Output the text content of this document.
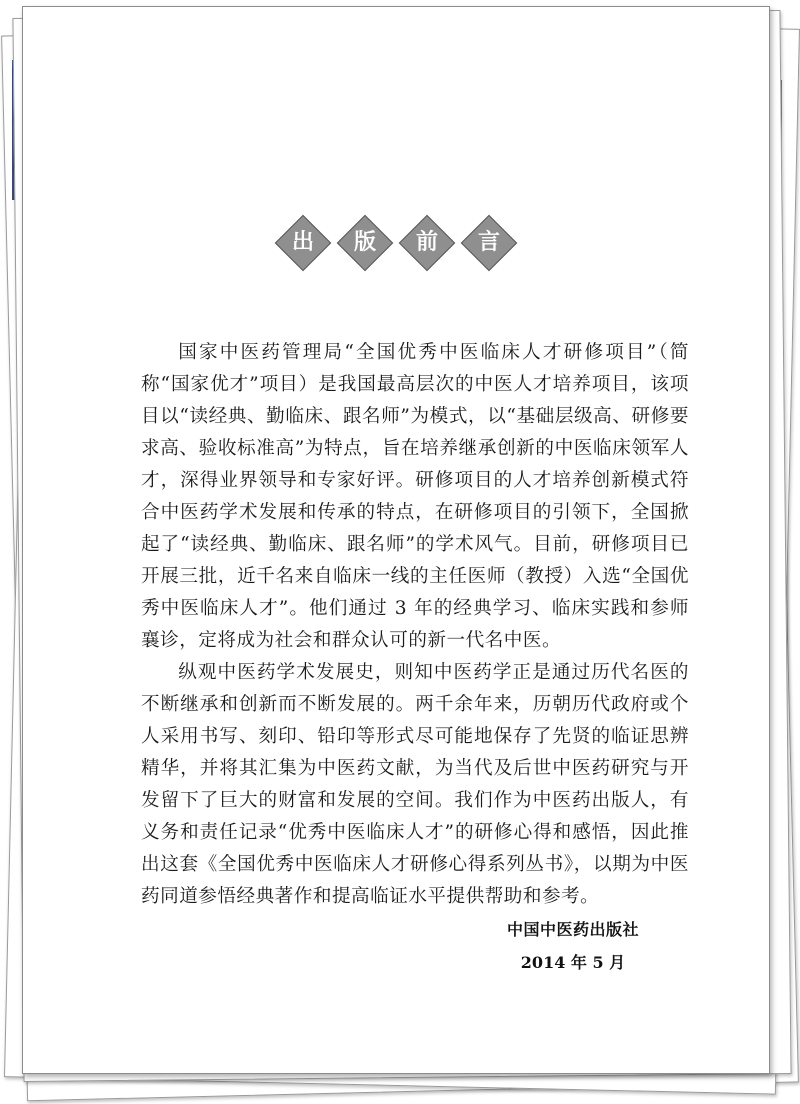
出	版	前	言

国家中医药管理局“全国优秀中医临床人才研修项目”（简称“国家优才”项目）是我国最高层次的中医人才培养项目，该项目以“读经典、勤临床、跟名师”为模式，以“基础层级高、研修要求高、验收标准高”为特点，旨在培养继承创新的中医临床领军人才，深得业界领导和专家好评。研修项目的人才培养创新模式符合中医药学术发展和传承的特点，在研修项目的引领下，全国掀起了“读经典、勤临床、跟名师”的学术风气。目前，研修项目已开展三批，近千名来自临床一线的主任医师（教授）入选“全国优秀中医临床人才”。他们通过 3 年的经典学习、临床实践和参师襄诊，定将成为社会和群众认可的新一代名中医。

纵观中医药学术发展史，则知中医药学正是通过历代名医的不断继承和创新而不断发展的。两千余年来，历朝历代政府或个人采用书写、刻印、铅印等形式尽可能地保存了先贤的临证思辨精华，并将其汇集为中医药文献，为当代及后世中医药研究与开发留下了巨大的财富和发展的空间。我们作为中医药出版人，有义务和责任记录“优秀中医临床人才”的研修心得和感悟，因此推出这套《全国优秀中医临床人才研修心得系列丛书》，以期为中医药同道参悟经典著作和提高临证水平提供帮助和参考。

中国中医药出版社
2014 年 5 月
